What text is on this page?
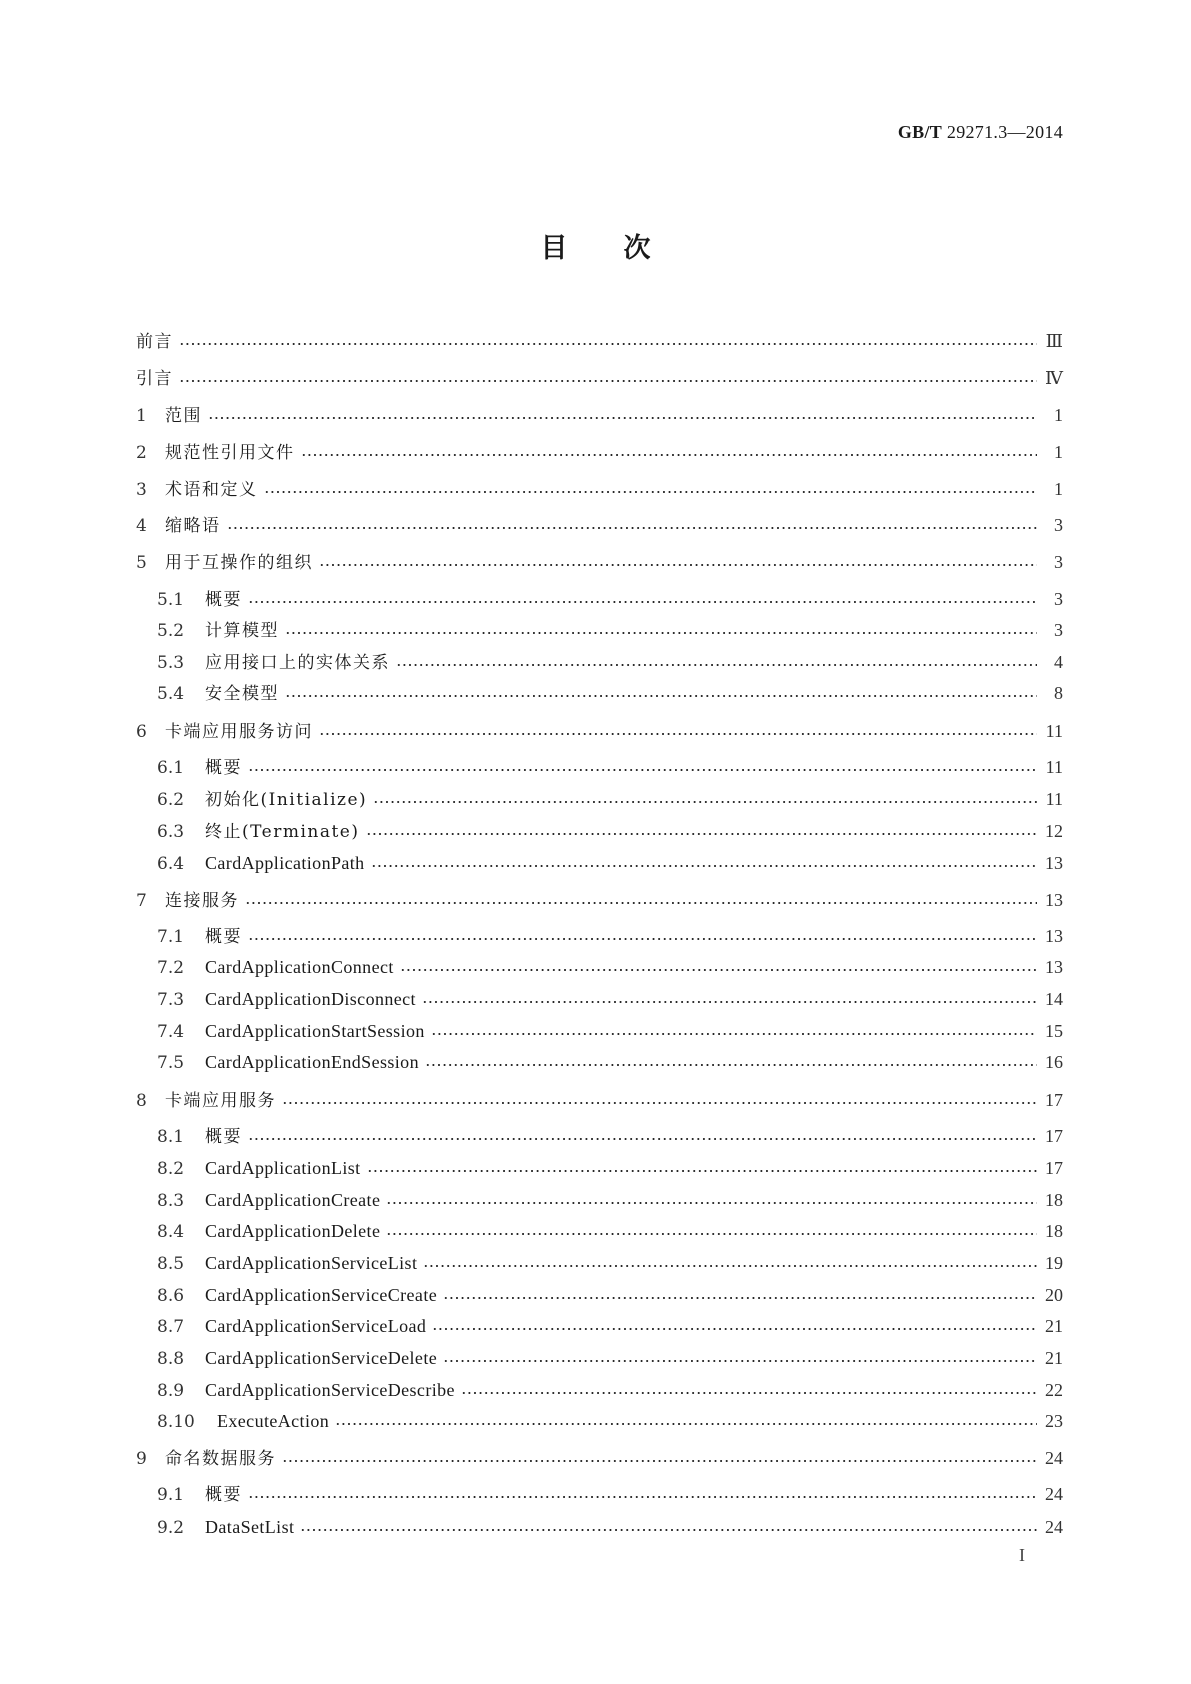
GB/T 29271.3—2014
目次
前言	Ⅲ
引言	Ⅳ
1	范围	1
2	规范性引用文件	1
3	术语和定义	1
4	缩略语	3
5	用于互操作的组织	3
5.1	概要	3
5.2	计算模型	3
5.3	应用接口上的实体关系	4
5.4	安全模型	8
6	卡端应用服务访问	11
6.1	概要	11
6.2	初始化(Initialize)	11
6.3	终止(Terminate)	12
6.4	CardApplicationPath	13
7	连接服务	13
7.1	概要	13
7.2	CardApplicationConnect	13
7.3	CardApplicationDisconnect	14
7.4	CardApplicationStartSession	15
7.5	CardApplicationEndSession	16
8	卡端应用服务	17
8.1	概要	17
8.2	CardApplicationList	17
8.3	CardApplicationCreate	18
8.4	CardApplicationDelete	18
8.5	CardApplicationServiceList	19
8.6	CardApplicationServiceCreate	20
8.7	CardApplicationServiceLoad	21
8.8	CardApplicationServiceDelete	21
8.9	CardApplicationServiceDescribe	22
8.10	ExecuteAction	23
9	命名数据服务	24
9.1	概要	24
9.2	DataSetList	24
I
